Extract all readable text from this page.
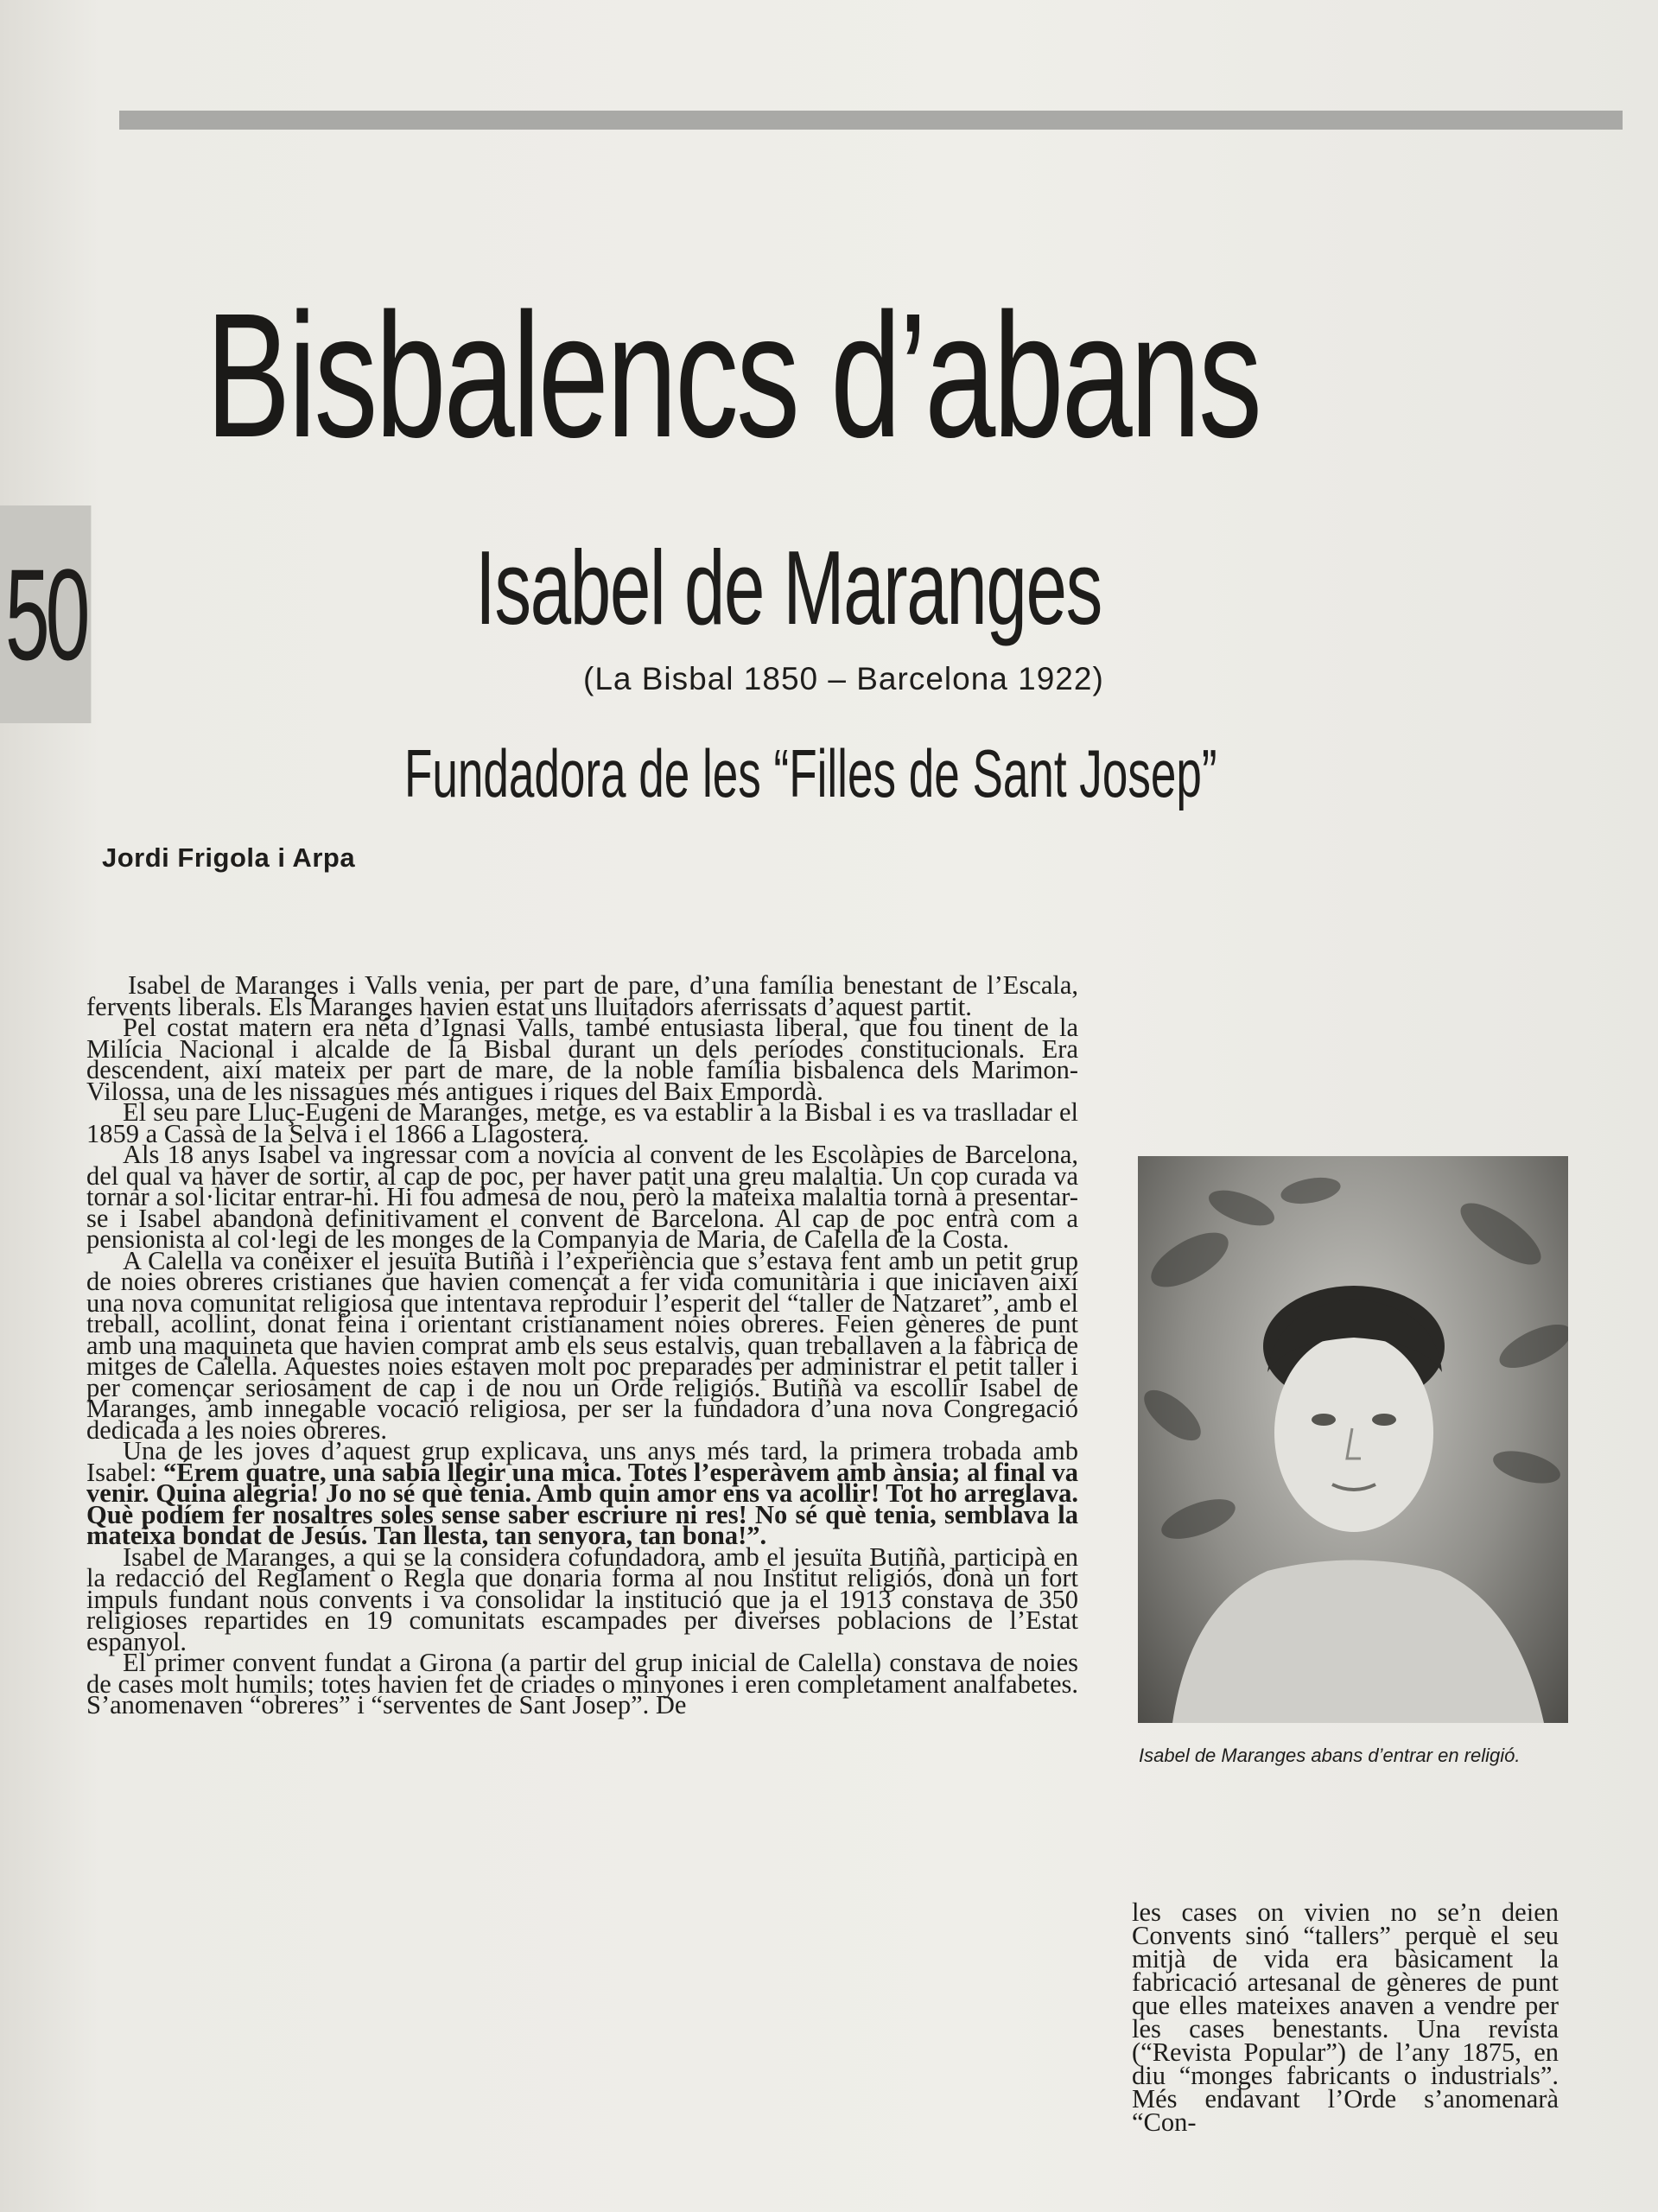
50
Bisbalencs d’abans
Isabel de Maranges
(La Bisbal 1850 – Barcelona 1922)
Fundadora de les “Filles de Sant Josep”
Jordi Frigola i Arpa

Isabel de Maranges i Valls venia, per part de pare, d’una família benestant de l’Escala, fervents liberals. Els Maranges havien estat uns lluitadors aferrissats d’aquest partit.

Pel costat matern era néta d’Ignasi Valls, també entusiasta liberal, que fou tinent de la Milícia Nacional i alcalde de la Bisbal durant un dels períodes constitucionals. Era descendent, així mateix per part de mare, de la noble família bisbalenca dels Marimon-Vilossa, una de les nissagues més antigues i riques del Baix Empordà.

El seu pare Lluç-Eugeni de Maranges, metge, es va establir a la Bisbal i es va traslladar el 1859 a Cassà de la Selva i el 1866 a Llagostera.

Als 18 anys Isabel va ingressar com a novícia al convent de les Escolàpies de Barcelona, del qual va haver de sortir, al cap de poc, per haver patit una greu malaltia. Un cop curada va tornar a sol·licitar entrar-hi. Hi fou admesa de nou, però la mateixa malaltia tornà a presentar-se i Isabel abandonà definitivament el convent de Barcelona. Al cap de poc entrà com a pensionista al col·legi de les monges de la Companyia de Maria, de Calella de la Costa.

A Calella va conèixer el jesuïta Butiñà i l’experiència que s’estava fent amb un petit grup de noies obreres cristianes que havien començat a fer vida comunitària i que iniciaven així una nova comunitat religiosa que intentava reproduir l’esperit del “taller de Natzaret”, amb el treball, acollint, donat feina i orientant cristianament noies obreres. Feien gèneres de punt amb una maquineta que havien comprat amb els seus estalvis, quan treballaven a la fàbrica de mitges de Calella. Aquestes noies estaven molt poc preparades per administrar el petit taller i per començar seriosament de cap i de nou un Orde religiós. Butiñà va escollir Isabel de Maranges, amb innegable vocació religiosa, per ser la fundadora d’una nova Congregació dedicada a les noies obreres.

Una de les joves d’aquest grup explicava, uns anys més tard, la primera trobada amb Isabel: “Érem quatre, una sabia llegir una mica. Totes l’esperàvem amb ànsia; al final va venir. Quina alegria! Jo no sé què tenia. Amb quin amor ens va acollir! Tot ho arreglava. Què podíem fer nosaltres soles sense saber escriure ni res! No sé què tenia, semblava la mateixa bondat de Jesús. Tan llesta, tan senyora, tan bona!”.

Isabel de Maranges, a qui se la considera cofundadora, amb el jesuïta Butiñà, participà en la redacció del Reglament o Regla que donaria forma al nou Institut religiós, donà un fort impuls fundant nous convents i va consolidar la institució que ja el 1913 constava de 350 religioses repartides en 19 comunitats escampades per diverses poblacions de l’Estat espanyol.

El primer convent fundat a Girona (a partir del grup inicial de Calella) constava de noies de cases molt humils; totes havien fet de criades o minyones i eren completament analfabetes. S’anomenaven “obreres” i “serventes de Sant Josep”. De

Isabel de Maranges abans d’entrar en religió.

les cases on vivien no se’n deien Convents sinó “tallers” perquè el seu mitjà de vida era bàsicament la fabricació artesanal de gèneres de punt que elles mateixes anaven a vendre per les cases benestants. Una revista (“Revista Popular”) de l’any 1875, en diu “monges fabricants o industrials”. Més endavant l’Orde s’anomenarà “Con-
